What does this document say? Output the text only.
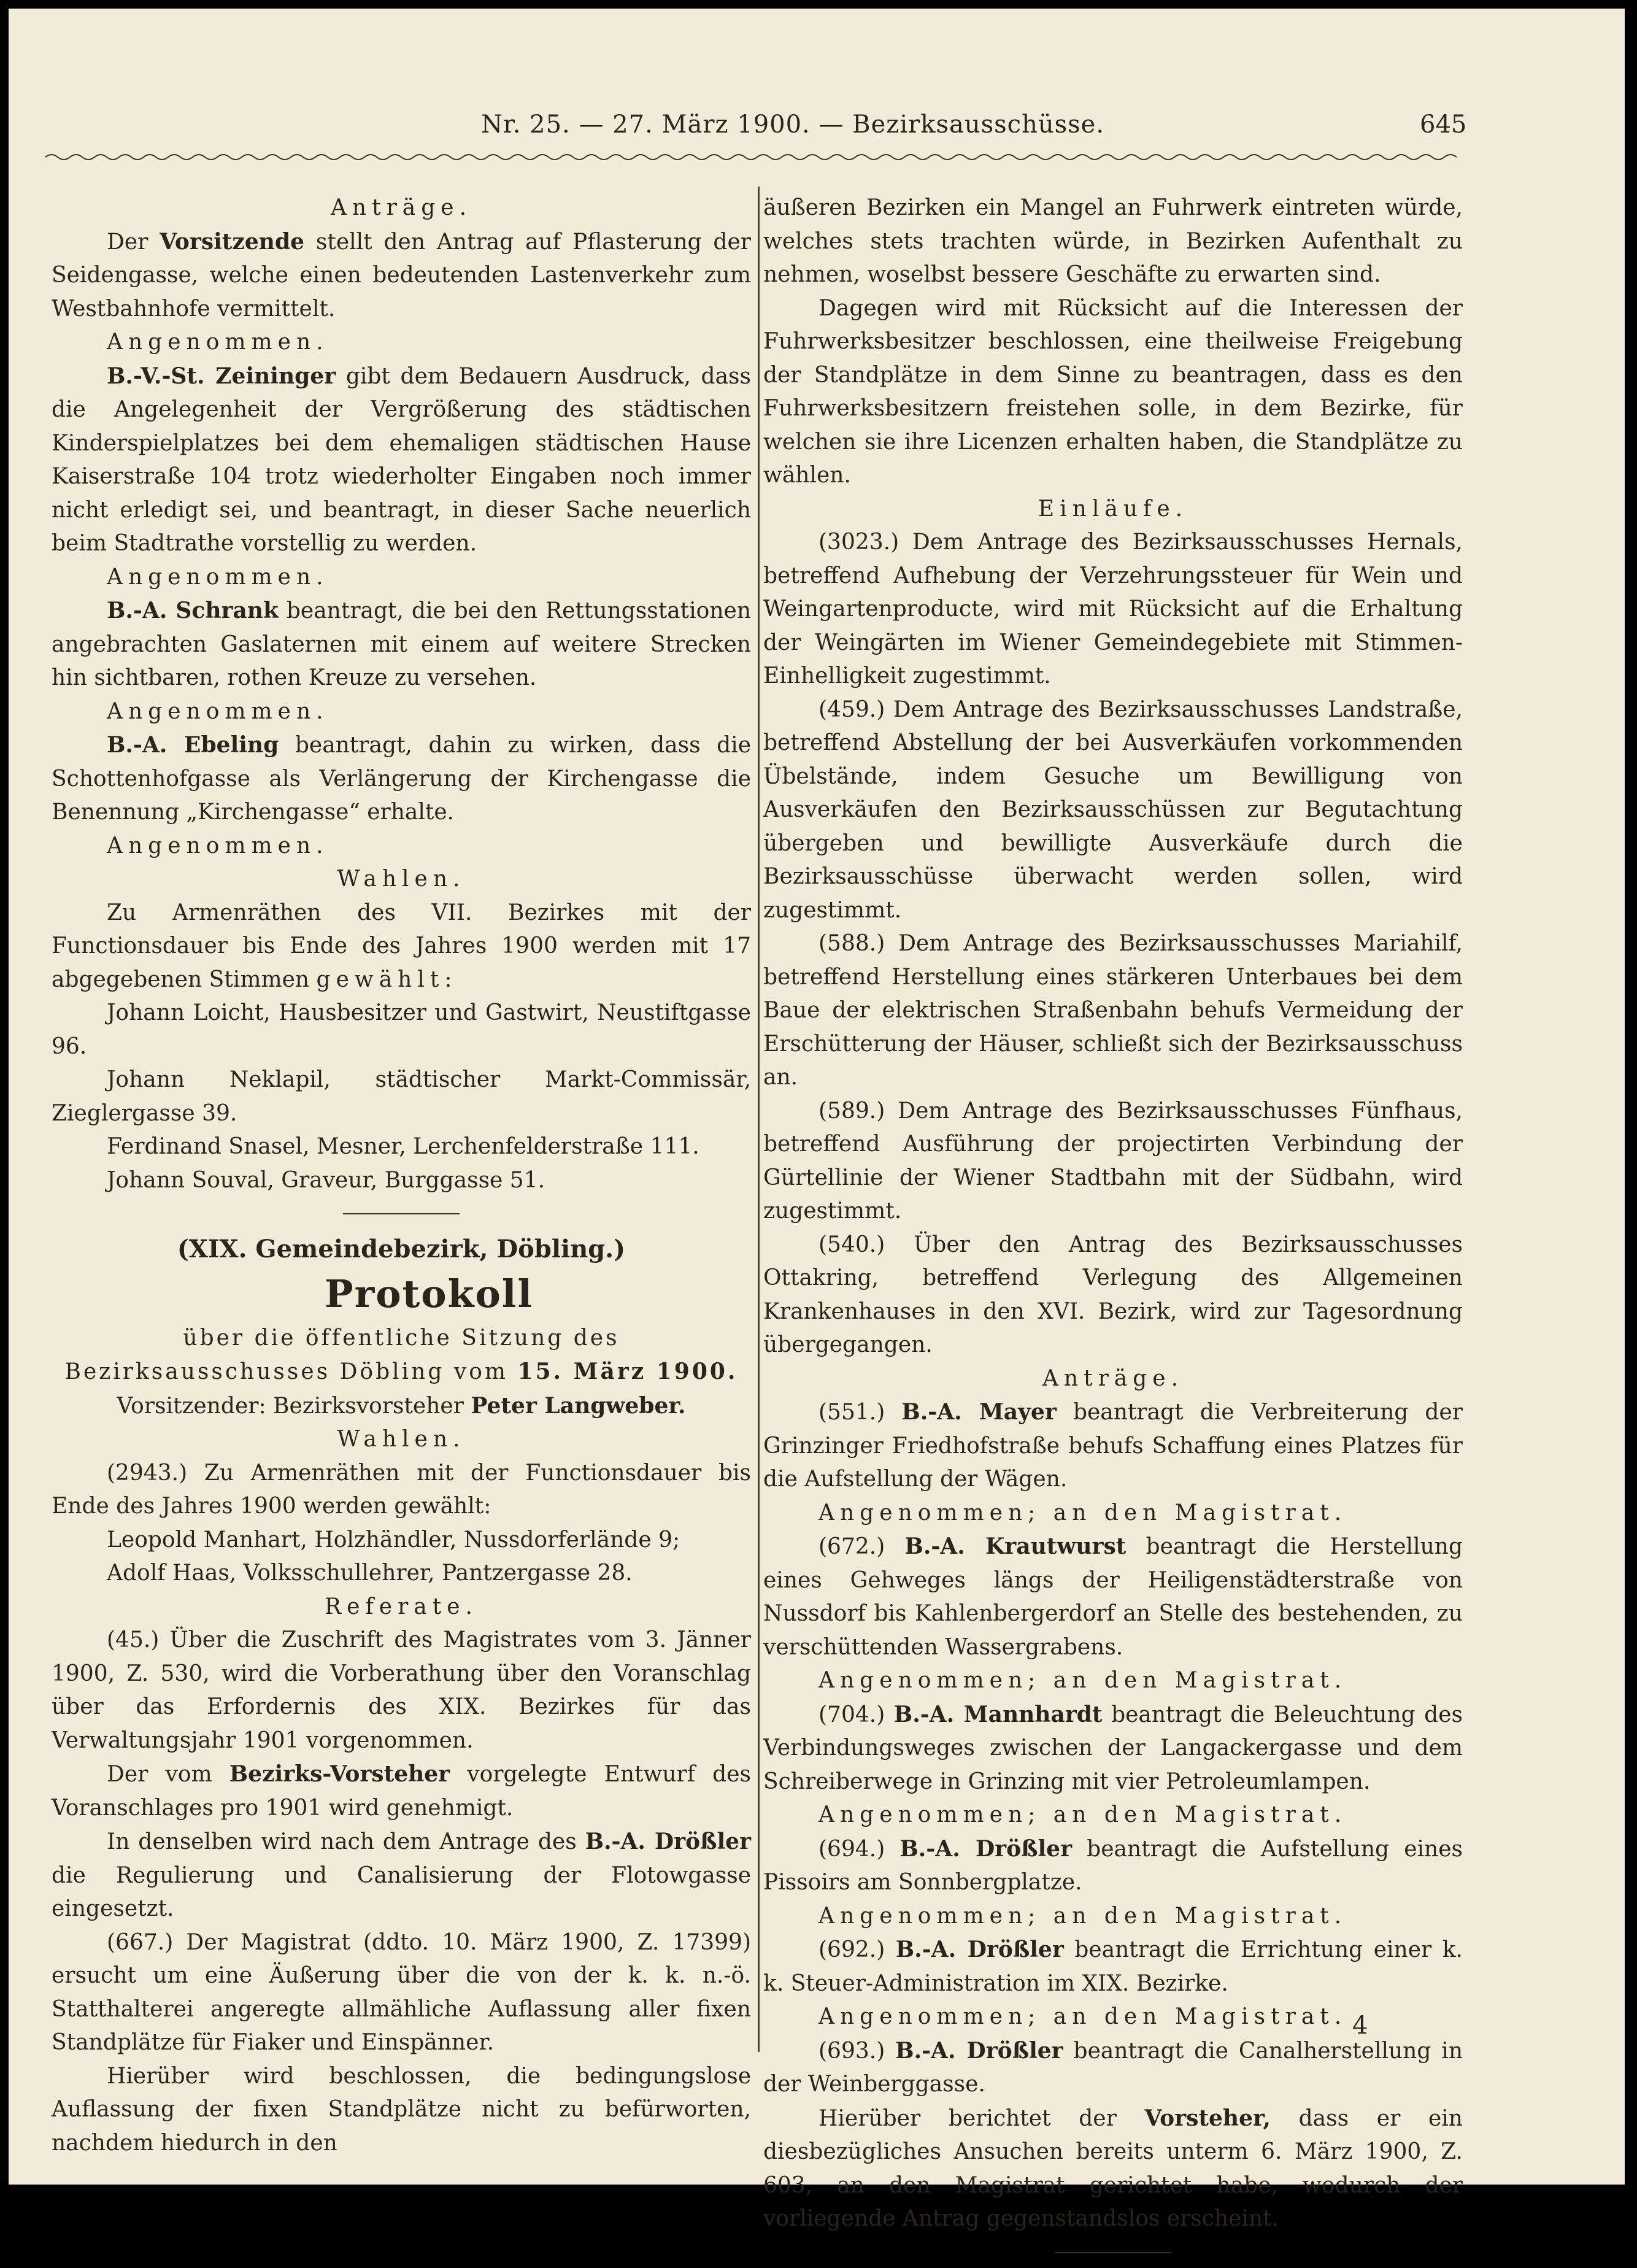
Nr. 25. — 27. März 1900. — Bezirksausschüsse.	645

Anträge.

Der Vorsitzende stellt den Antrag auf Pflasterung der Seidengasse, welche einen bedeutenden Lastenverkehr zum Westbahnhofe vermittelt.

Angenommen.

B.-V.-St. Zeininger gibt dem Bedauern Ausdruck, dass die Angelegenheit der Vergrößerung des städtischen Kinderspielplatzes bei dem ehemaligen städtischen Hause Kaiserstraße 104 trotz wiederholter Eingaben noch immer nicht erledigt sei, und beantragt, in dieser Sache neuerlich beim Stadtrathe vorstellig zu werden.

Angenommen.

B.-A. Schrank beantragt, die bei den Rettungsstationen angebrachten Gaslaternen mit einem auf weitere Strecken hin sichtbaren, rothen Kreuze zu versehen.

Angenommen.

B.-A. Ebeling beantragt, dahin zu wirken, dass die Schottenhofgasse als Verlängerung der Kirchengasse die Benennung „Kirchengasse“ erhalte.

Angenommen.

Wahlen.

Zu Armenräthen des VII. Bezirkes mit der Functionsdauer bis Ende des Jahres 1900 werden mit 17 abgegebenen Stimmen gewählt:

Johann Loicht, Hausbesitzer und Gastwirt, Neustiftgasse 96.

Johann Neklapil, städtischer Markt-Commissär, Zieglergasse 39.

Ferdinand Snasel, Mesner, Lerchenfelderstraße 111.

Johann Souval, Graveur, Burggasse 51.

(XIX. Gemeindebezirk, Döbling.)

Protokoll

über die öffentliche Sitzung des Bezirksausschusses Döbling vom 15. März 1900.

Vorsitzender: Bezirksvorsteher Peter Langweber.

Wahlen.

(2943.) Zu Armenräthen mit der Functionsdauer bis Ende des Jahres 1900 werden gewählt:

Leopold Manhart, Holzhändler, Nussdorferlände 9;

Adolf Haas, Volksschullehrer, Pantzergasse 28.

Referate.

(45.) Über die Zuschrift des Magistrates vom 3. Jänner 1900, Z. 530, wird die Vorberathung über den Voranschlag über das Erfordernis des XIX. Bezirkes für das Verwaltungsjahr 1901 vorgenommen.

Der vom Bezirks-Vorsteher vorgelegte Entwurf des Voranschlages pro 1901 wird genehmigt.

In denselben wird nach dem Antrage des B.-A. Drößler die Regulierung und Canalisierung der Flotowgasse eingesetzt.

(667.) Der Magistrat (ddto. 10. März 1900, Z. 17399) ersucht um eine Äußerung über die von der k. k. n.-ö. Statthalterei angeregte allmähliche Auflassung aller fixen Standplätze für Fiaker und Einspänner.

Hierüber wird beschlossen, die bedingungslose Auflassung der fixen Standplätze nicht zu befürworten, nachdem hiedurch in den

äußeren Bezirken ein Mangel an Fuhrwerk eintreten würde, welches stets trachten würde, in Bezirken Aufenthalt zu nehmen, woselbst bessere Geschäfte zu erwarten sind.

Dagegen wird mit Rücksicht auf die Interessen der Fuhrwerksbesitzer beschlossen, eine theilweise Freigebung der Standplätze in dem Sinne zu beantragen, dass es den Fuhrwerksbesitzern freistehen solle, in dem Bezirke, für welchen sie ihre Licenzen erhalten haben, die Standplätze zu wählen.

Einläufe.

(3023.) Dem Antrage des Bezirksausschusses Hernals, betreffend Aufhebung der Verzehrungssteuer für Wein und Weingartenproducte, wird mit Rücksicht auf die Erhaltung der Weingärten im Wiener Gemeindegebiete mit Stimmen-Einhelligkeit zugestimmt.

(459.) Dem Antrage des Bezirksausschusses Landstraße, betreffend Abstellung der bei Ausverkäufen vorkommenden Übelstände, indem Gesuche um Bewilligung von Ausverkäufen den Bezirksausschüssen zur Begutachtung übergeben und bewilligte Ausverkäufe durch die Bezirksausschüsse überwacht werden sollen, wird zugestimmt.

(588.) Dem Antrage des Bezirksausschusses Mariahilf, betreffend Herstellung eines stärkeren Unterbaues bei dem Baue der elektrischen Straßenbahn behufs Vermeidung der Erschütterung der Häuser, schließt sich der Bezirksausschuss an.

(589.) Dem Antrage des Bezirksausschusses Fünfhaus, betreffend Ausführung der projectirten Verbindung der Gürtellinie der Wiener Stadtbahn mit der Südbahn, wird zugestimmt.

(540.) Über den Antrag des Bezirksausschusses Ottakring, betreffend Verlegung des Allgemeinen Krankenhauses in den XVI. Bezirk, wird zur Tagesordnung übergegangen.

Anträge.

(551.) B.-A. Mayer beantragt die Verbreiterung der Grinzinger Friedhofstraße behufs Schaffung eines Platzes für die Aufstellung der Wägen.

Angenommen; an den Magistrat.

(672.) B.-A. Krautwurst beantragt die Herstellung eines Gehweges längs der Heiligenstädterstraße von Nussdorf bis Kahlenbergerdorf an Stelle des bestehenden, zu verschüttenden Wassergrabens.

Angenommen; an den Magistrat.

(704.) B.-A. Mannhardt beantragt die Beleuchtung des Verbindungsweges zwischen der Langackergasse und dem Schreiberwege in Grinzing mit vier Petroleumlampen.

Angenommen; an den Magistrat.

(694.) B.-A. Drößler beantragt die Aufstellung eines Pissoirs am Sonnbergplatze.

Angenommen; an den Magistrat.

(692.) B.-A. Drößler beantragt die Errichtung einer k. k. Steuer-Administration im XIX. Bezirke.

Angenommen; an den Magistrat.

(693.) B.-A. Drößler beantragt die Canalherstellung in der Weinberggasse.

Hierüber berichtet der Vorsteher, dass er ein diesbezügliches Ansuchen bereits unterm 6. März 1900, Z. 603, an den Magistrat gerichtet habe, wodurch der vorliegende Antrag gegenstandslos erscheint.

4
